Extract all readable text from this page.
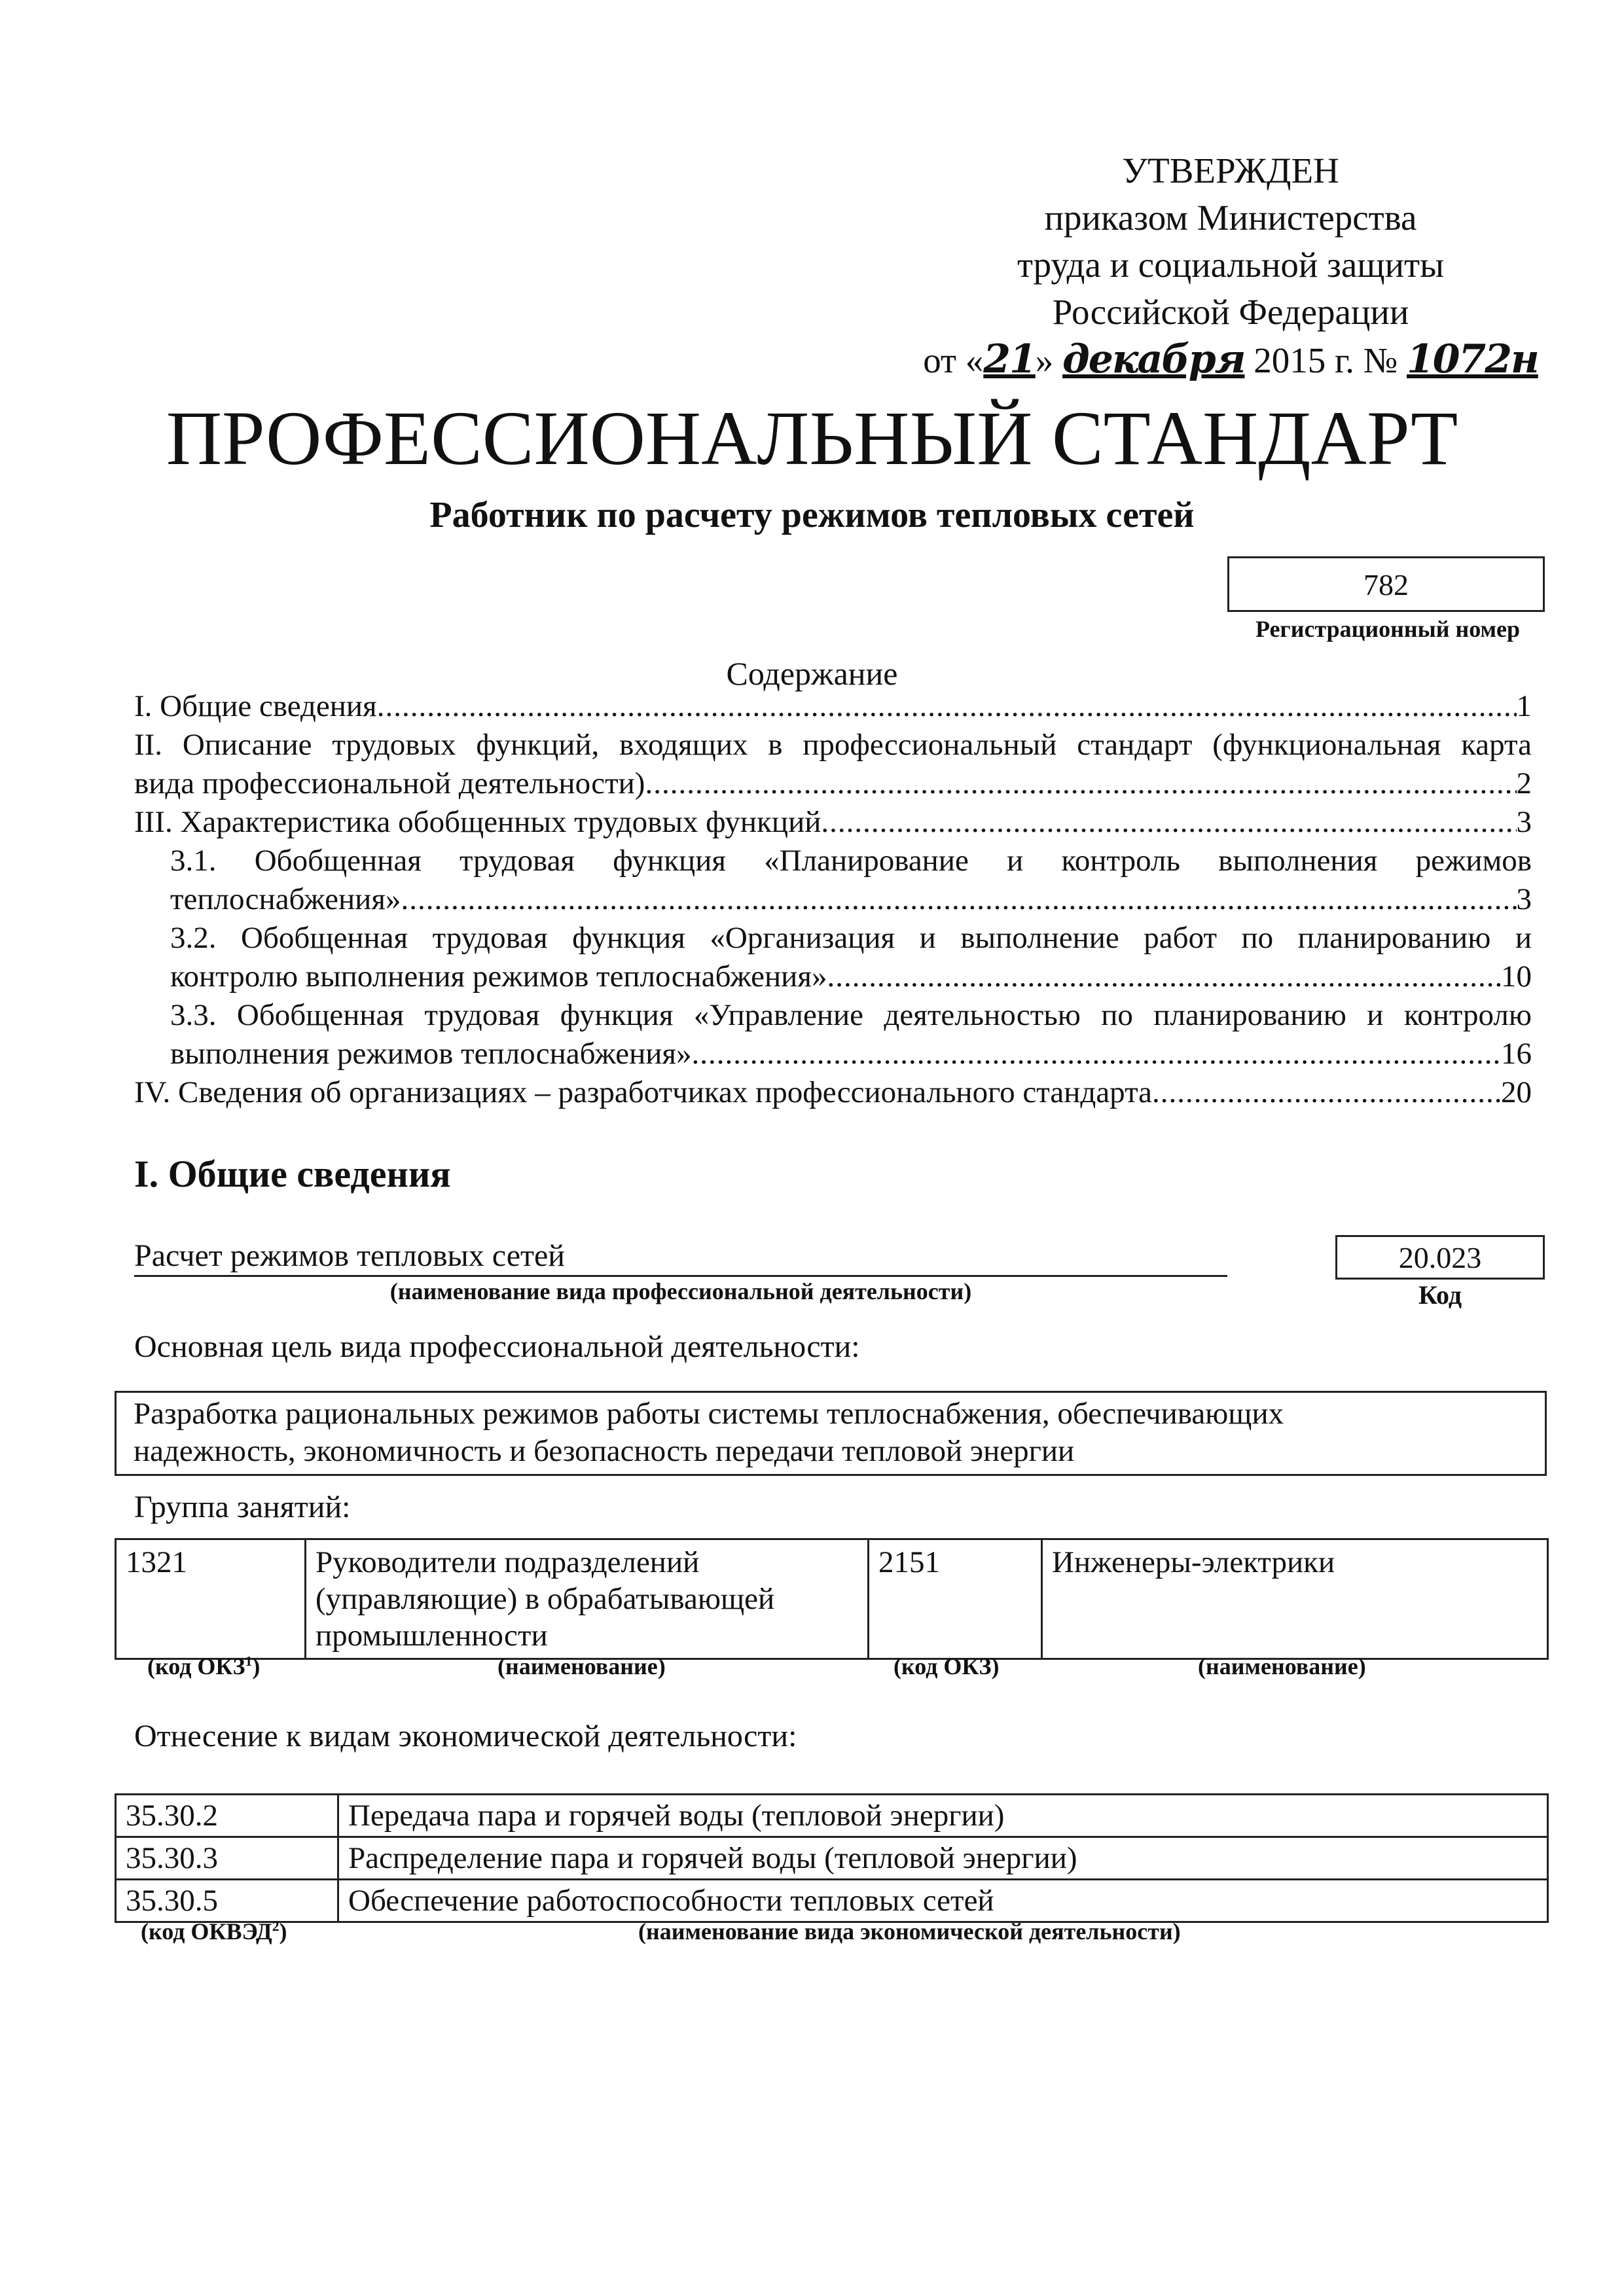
УТВЕРЖДЕН
приказом Министерства
труда и социальной защиты
Российской Федерации
от «21» декабря 2015 г. № 1072н
ПРОФЕССИОНАЛЬНЫЙ СТАНДАРТ
Работник по расчету режимов тепловых сетей
782
Регистрационный номер
Содержание
I. Общие сведения .....	1
II. Описание трудовых функций, входящих в профессиональный стандарт (функциональная карта
вида профессиональной деятельности) .....	2
III. Характеристика обобщенных трудовых функций .....	3
3.1. Обобщенная трудовая функция «Планирование и контроль выполнения режимов
теплоснабжения» .....	3
3.2. Обобщенная трудовая функция «Организация и выполнение работ по планированию и
контролю выполнения режимов теплоснабжения» .....	10
3.3. Обобщенная трудовая функция «Управление деятельностью по планированию и контролю
выполнения режимов теплоснабжения» .....	16
IV. Сведения об организациях – разработчиках профессионального стандарта .....	20
I. Общие сведения
Расчет режимов тепловых сетей
(наименование вида профессиональной деятельности)
20.023
Код
Основная цель вида профессиональной деятельности:
Разработка рациональных режимов работы системы теплоснабжения, обеспечивающих
надежность, экономичность и безопасность передачи тепловой энергии
Группа занятий:
1321	Руководители подразделений (управляющие) в обрабатывающей промышленности	2151	Инженеры-электрики
(код ОКЗ$^1$)	(наименование)	(код ОКЗ)	(наименование)
Отнесение к видам экономической деятельности:
35.30.2	Передача пара и горячей воды (тепловой энергии)
35.30.3	Распределение пара и горячей воды (тепловой энергии)
35.30.5	Обеспечение работоспособности тепловых сетей
(код ОКВЭД$^2$)	(наименование вида экономической деятельности)
